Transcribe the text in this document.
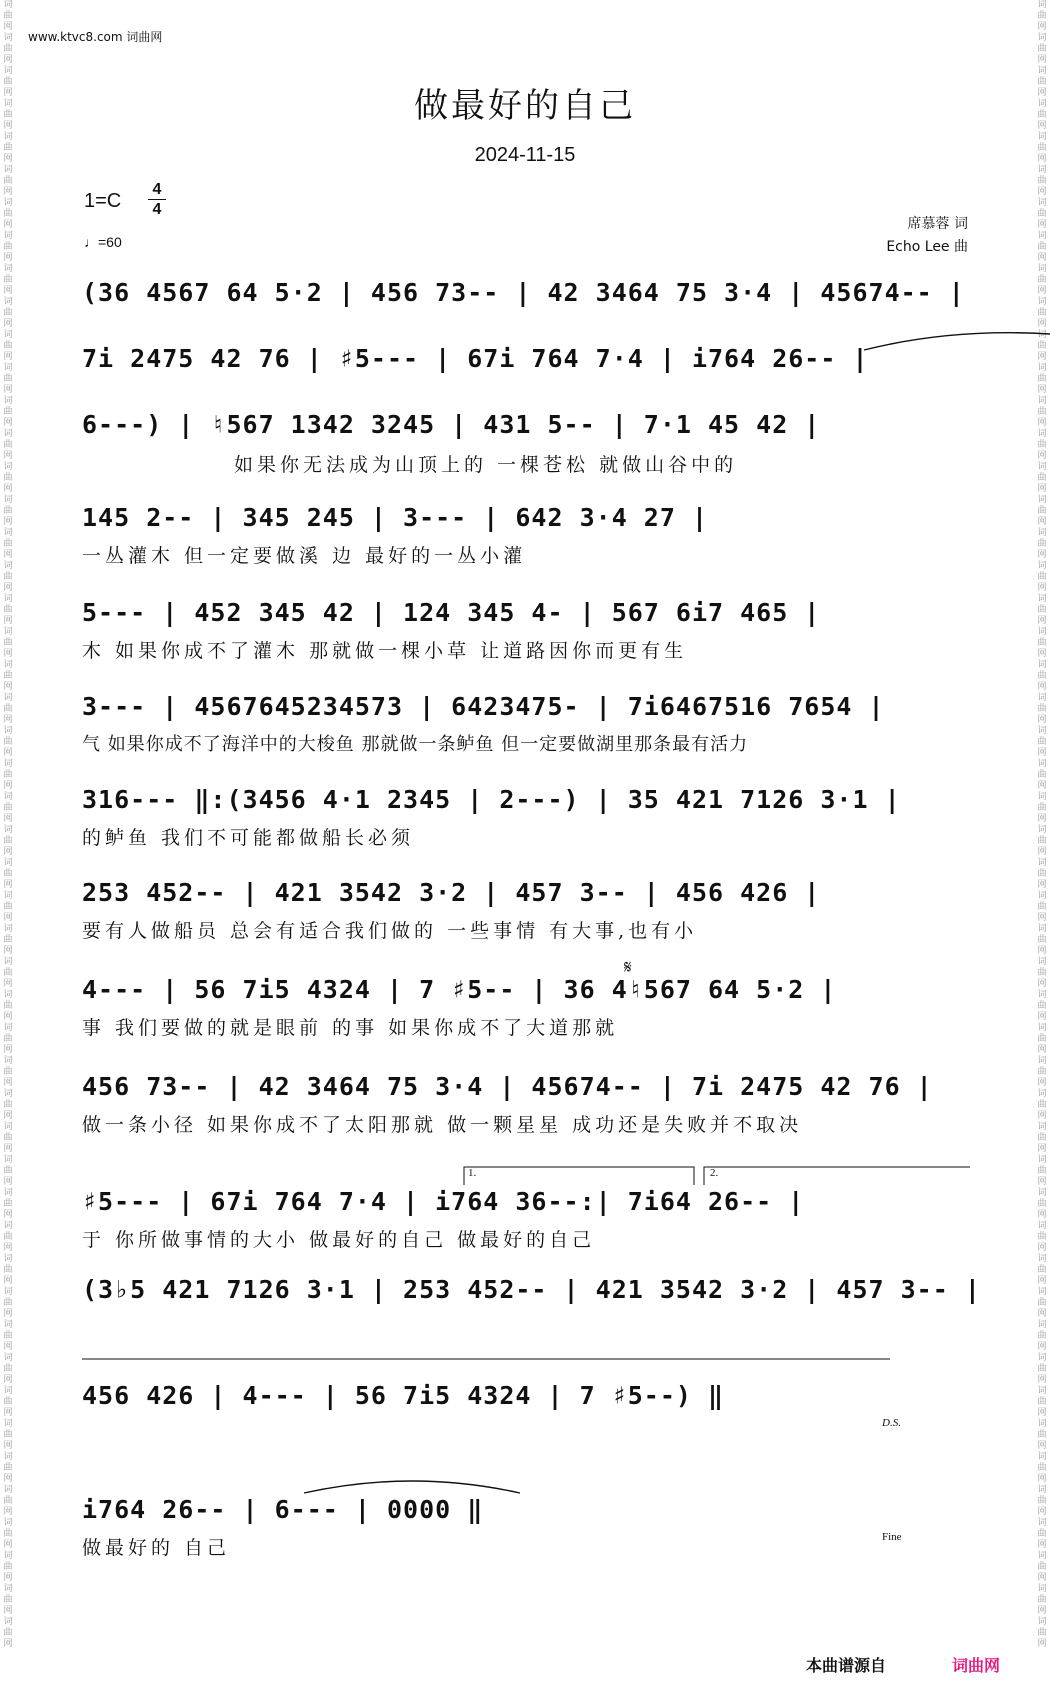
词
曲
网
词
曲
网
词
曲
网
词
曲
网
词
曲
网
词
曲
网
词
曲
网
词
曲
网
词
曲
网
词
曲
网
词
曲
网
词
曲
网
词
曲
网
词
曲
网
词
曲
网
词
曲
网
词
曲
网
词
曲
网
词
曲
网
词
曲
网
词
曲
网
词
曲
网
词
曲
网
词
曲
网
词
曲
网
词
曲
网
词
曲
网
词
曲
网
词
曲
网
词
曲
网
词
曲
网
词
曲
网
词
曲
网
词
曲
网
词
曲
网
词
曲
网
词
曲
网
词
曲
网
词
曲
网
词
曲
网
词
曲
网
词
曲
网
词
曲
网
词
曲
网
词
曲
网
词
曲
网
词
曲
网
词
曲
网
词
曲
网
词
曲
网
词
曲
网
词
曲
网
词
曲
网
词
曲
网
词
曲
网
词
曲
网
词
曲
网
词
曲
网
词
曲
网
词
曲
网
词
曲
网
词
曲
网
词
曲
网
词
曲
网
词
曲
网
词
曲
网
词
曲
网
词
曲
网
词
曲
网
词
曲
网
词
曲
网
词
曲
网
词
曲
网
词
曲
网
词
曲
网
词
曲
网
词
曲
网
词
曲
网
词
曲
网
词
曲
网
词
曲
网
词
曲
网
词
曲
网
词
曲
网
词
曲
网
词
曲
网
词
曲
网
词
曲
网
词
曲
网
词
曲
网
词
曲
网
词
曲
网
词
曲
网
词
曲
网
词
曲
网
词
曲
网
词
曲
网
词
曲
网
词
曲
网
词
曲
网
www.ktvc8.com 词曲网
做最好的自己
2024-11-15
1=C
4
4
♩=60
席慕蓉 词
Echo Lee 曲
(36 4567 64 5·2 | 456 73-- | 42 3464 75 3·4 | 45674-- |
7i 2475 42 76 | ♯5--- | 67i 764 7·4 | i764 26-- |
6---) | ♮567 1342 3245 | 431 5-- | 7·1 45 42 |
如果你无法成为山顶上的 一棵苍松 就做山谷中的
145 2-- | 345 245 | 3--- | 642 3·4 27 |
一丛灌木 但一定要做溪 边 最好的一丛小灌
5--- | 452 345 42 | 124 345 4- | 567 6i7 465 |
木 如果你成不了灌木 那就做一棵小草 让道路因你而更有生
3--- | 4567645234573 | 6423475- | 7i6467516 7654 |
气 如果你成不了海洋中的大梭鱼 那就做一条鲈鱼 但一定要做湖里那条最有活力
316--- ‖:(3456 4·1 2345 | 2---) | 35 421 7126 3·1 |
的鲈鱼 我们不可能都做船长必须
253 452-- | 421 3542 3·2 | 457 3-- | 456 426 |
要有人做船员 总会有适合我们做的 一些事情 有大事,也有小
𝄋
4--- | 56 7i5 4324 | 7 ♯5-- | 36 4♮567 64 5·2 |
事 我们要做的就是眼前 的事 如果你成不了大道那就
456 73-- | 42 3464 75 3·4 | 45674-- | 7i 2475 42 76 |
做一条小径 如果你成不了太阳那就 做一颗星星 成功还是失败并不取决
1.	2.
♯5--- | 67i 764 7·4 | i764 36--:| 7i64 26-- |
于 你所做事情的大小 做最好的自己 做最好的自己
(3♭5 421 7126 3·1 | 253 452-- | 421 3542 3·2 | 457 3-- |
456 426 | 4--- | 56 7i5 4324 | 7 ♯5--) ‖
D.S.
i764 26-- | 6--- | 0000 ‖
做最好的 自己	Fine
本曲谱源自	词曲网
